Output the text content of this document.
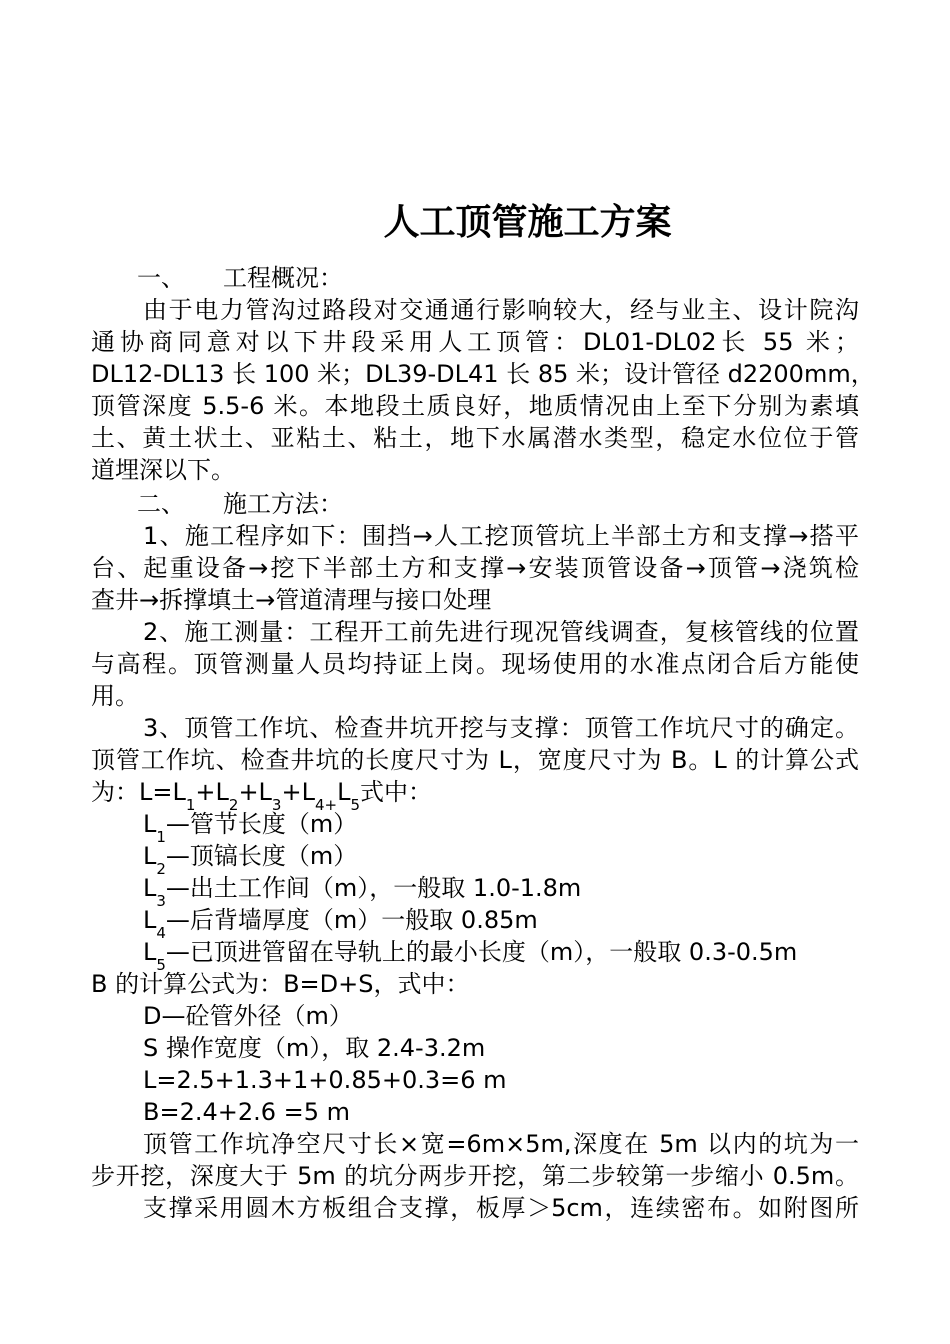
人工顶管施工方案
一、 工程概况：
由于电力管沟过路段对交通通行影响较大，经与业主、设计院沟
通协商同意对以下井段采用人工顶管：DL01-DL02长 55 米；
DL12-DL13 长 100 米；DL39-DL41 长 85 米；设计管径 d2200mm，
顶管深度 5.5-6 米。本地段土质良好，地质情况由上至下分别为素填
土、黄土状土、亚粘土、粘土，地下水属潜水类型，稳定水位位于管
道埋深以下。
二、 施工方法：
1、施工程序如下：围挡→人工挖顶管坑上半部土方和支撑→搭平
台、起重设备→挖下半部土方和支撑→安装顶管设备→顶管→浇筑检
查井→拆撑填土→管道清理与接口处理
2、施工测量：工程开工前先进行现况管线调查，复核管线的位置
与高程。顶管测量人员均持证上岗。现场使用的水准点闭合后方能使
用。
3、顶管工作坑、检查井坑开挖与支撑：顶管工作坑尺寸的确定。
顶管工作坑、检查井坑的长度尺寸为 L，宽度尺寸为 B。L 的计算公式
为：$L=L_1+L_2+L_3+L_{4+}L_5$式中：
$L_1—$管节长度（m）
$L_2—$顶镐长度（m）
$L_3—$出土工作间（m），一般取 1.0-1.8m
$L_4—$后背墙厚度（m）一般取 0.85m
$L_5—$已顶进管留在导轨上的最小长度（m），一般取 0.3-0.5m
B 的计算公式为：B=D+S，式中：
D—砼管外径（m）
S 操作宽度（m），取 2.4-3.2m
L=2.5+1.3+1+0.85+0.3=6 m
B=2.4+2.6 =5 m
顶管工作坑净空尺寸长×宽=6m×5m,深度在 5m 以内的坑为一
步开挖，深度大于 5m 的坑分两步开挖，第二步较第一步缩小 0.5m。
支撑采用圆木方板组合支撑，板厚＞5cm，连续密布。如附图所
